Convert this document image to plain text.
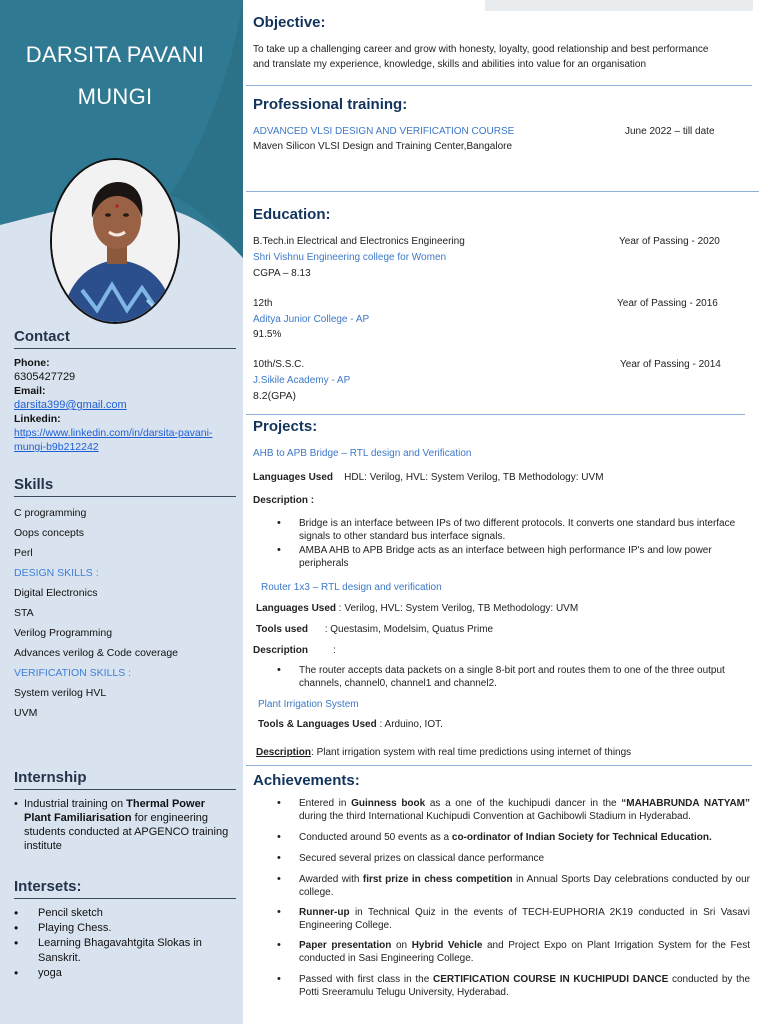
DARSITA PAVANI
MUNGI
Contact
Phone:
6305427729
Email:
darsita399@gmail.com
Linkedin:
https://www.linkedin.com/in/darsita-pavani-
mungi-b9b212242
Skills
C programming
Oops concepts
Perl
DESIGN SKILLS :
Digital Electronics
STA
Verilog Programming
Advances verilog & Code coverage
VERIFICATION SKILLS :
System verilog HVL
UVM
Internship
• Industrial training on Thermal Power Plant Familiarisation for engineering students conducted at APGENCO training institute
Intersets:
• Pencil sketch
• Playing Chess.
• Learning Bhagavahtgita Slokas in Sanskrit.
• yoga
Objective:
To take up a challenging career and grow with honesty, loyalty, good relationship and best performance
and translate my experience, knowledge, skills and abilities into value for an organisation
Professional training:
ADVANCED VLSI DESIGN AND VERIFICATION COURSE
Maven Silicon VLSI Design and Training Center,Bangalore
June 2022 – till date
Education:
B.Tech.in Electrical and Electronics Engineering
Shri Vishnu Engineering college for Women
CGPA – 8.13
Year of Passing - 2020
12th
Aditya Junior College - AP
91.5%
Year of Passing - 2016
10th/S.S.C.
J.Sikile Academy - AP
8.2(GPA)
Year of Passing - 2014
Projects:
AHB to APB Bridge – RTL design and Verification
Languages Used HDL: Verilog, HVL: System Verilog, TB Methodology: UVM
Description :
• Bridge is an interface between IPs of two different protocols. It converts one standard bus interface signals to other standard bus interface signals.
• AMBA AHB to APB Bridge acts as an interface between high performance IP's and low power peripherals
Router 1x3 – RTL design and verification
Languages Used : Verilog, HVL: System Verilog, TB Methodology: UVM
Tools used : Questasim, Modelsim, Quatus Prime
Description	:
• The router accepts data packets on a single 8-bit port and routes them to one of the three output channels, channel0, channel1 and channel2.
Plant Irrigation System
Tools & Languages Used : Arduino, IOT.
Description: Plant irrigation system with real time predictions using internet of things
Achievements:
• Entered in Guinness book as a one of the kuchipudi dancer in the “MAHABRUNDA NATYAM” during the third International Kuchipudi Convention at Gachibowli Stadium in Hyderabad.
• Conducted around 50 events as a co-ordinator of Indian Society for Technical Education.
• Secured several prizes on classical dance performance
• Awarded with first prize in chess competition in Annual Sports Day celebrations conducted by our college.
• Runner-up in Technical Quiz in the events of TECH-EUPHORIA 2K19 conducted in Sri Vasavi Engineering College.
• Paper presentation on Hybrid Vehicle and Project Expo on Plant Irrigation System for the Fest conducted in Sasi Engineering College.
• Passed with first class in the CERTIFICATION COURSE IN KUCHIPUDI DANCE conducted by the Potti Sreeramulu Telugu University, Hyderabad.
